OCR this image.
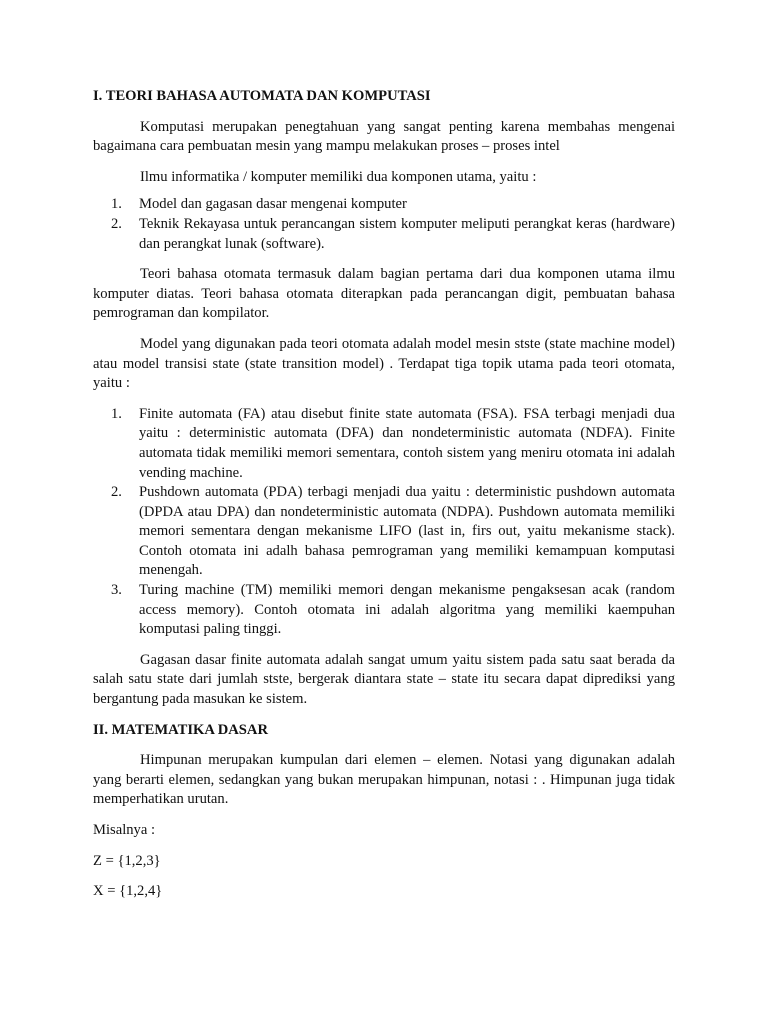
I. TEORI BAHASA AUTOMATA DAN KOMPUTASI

Komputasi merupakan penegtahuan yang sangat penting karena membahas mengenai bagaimana cara pembuatan mesin yang mampu melakukan proses – proses intel

Ilmu informatika / komputer memiliki dua komponen utama, yaitu :

1. Model dan gagasan dasar mengenai komputer
2. Teknik Rekayasa untuk perancangan sistem komputer meliputi perangkat keras (hardware) dan perangkat lunak (software).

Teori bahasa otomata termasuk dalam bagian pertama dari dua komponen utama ilmu komputer diatas. Teori bahasa otomata diterapkan pada perancangan digit, pembuatan bahasa pemrograman dan kompilator.

Model yang digunakan pada teori otomata adalah model mesin stste (state machine model) atau model transisi state (state transition model) . Terdapat tiga topik utama pada teori otomata, yaitu :

1. Finite automata (FA) atau disebut finite state automata (FSA). FSA terbagi menjadi dua yaitu : deterministic automata (DFA) dan nondeterministic automata (NDFA). Finite automata tidak memiliki memori sementara, contoh sistem yang meniru otomata ini adalah vending machine.
2. Pushdown automata (PDA) terbagi menjadi dua yaitu : deterministic pushdown automata (DPDA atau DPA) dan nondeterministic automata (NDPA). Pushdown automata memiliki memori sementara dengan mekanisme LIFO (last in, firs out, yaitu mekanisme stack). Contoh otomata ini adalh bahasa pemrograman yang memiliki kemampuan komputasi menengah.
3. Turing machine (TM) memiliki memori dengan mekanisme pengaksesan acak (random access memory). Contoh otomata ini adalah algoritma yang memiliki kaempuhan komputasi paling tinggi.

Gagasan dasar finite automata adalah sangat umum yaitu sistem pada satu saat berada da salah satu state dari jumlah stste, bergerak diantara state – state itu secara dapat diprediksi yang bergantung pada masukan ke sistem.

II. MATEMATIKA DASAR

Himpunan merupakan kumpulan dari elemen – elemen. Notasi yang digunakan adalah yang berarti elemen, sedangkan yang bukan merupakan himpunan, notasi : . Himpunan juga tidak memperhatikan urutan.

Misalnya :

Z = {1,2,3}

X = {1,2,4}
